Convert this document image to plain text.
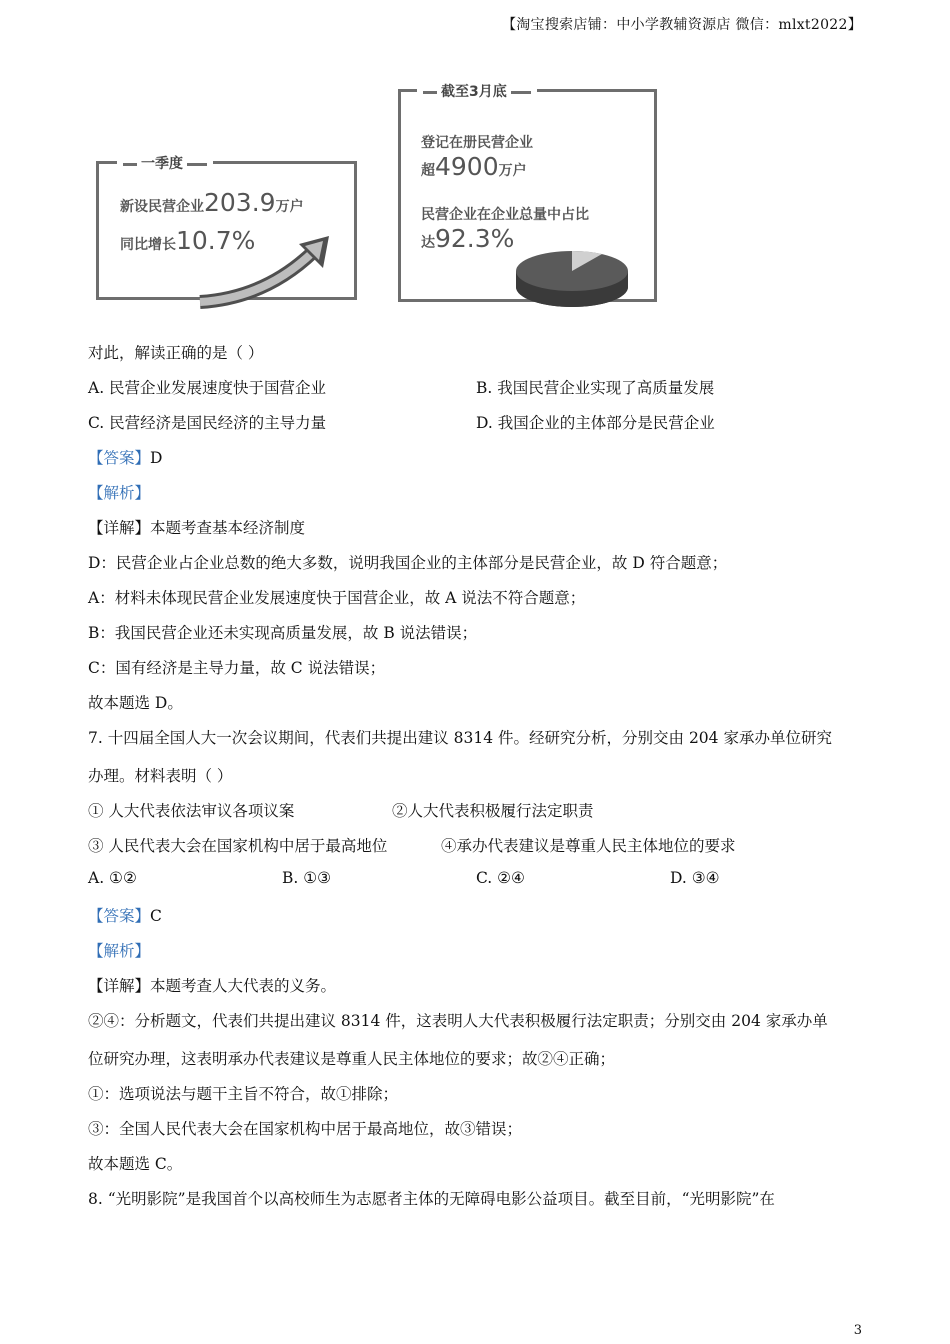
【淘宝搜索店铺：中小学教辅资源店 微信：mlxt2022】
一季度
新设民营企业203.9万户
同比增长10.7%
截至3月底
登记在册民营企业
超4900万户
民营企业在企业总量中占比
达92.3%
对此，解读正确的是（ ）
A. 民营企业发展速度快于国营企业	B. 我国民营企业实现了高质量发展
C. 民营经济是国民经济的主导力量	D. 我国企业的主体部分是民营企业
【答案】D
【解析】
【详解】本题考查基本经济制度
D：民营企业占企业总数的绝大多数，说明我国企业的主体部分是民营企业，故 D 符合题意；
A：材料未体现民营企业发展速度快于国营企业，故 A 说法不符合题意；
B：我国民营企业还未实现高质量发展，故 B 说法错误；
C：国有经济是主导力量，故 C 说法错误；
故本题选 D。
7. 十四届全国人大一次会议期间，代表们共提出建议 8314 件。经研究分析，分别交由 204 家承办单位研究
办理。材料表明（ ）
① 人大代表依法审议各项议案	②人大代表积极履行法定职责
③ 人民代表大会在国家机构中居于最高地位	④承办代表建议是尊重人民主体地位的要求
A. ①②	B. ①③	C. ②④	D. ③④
【答案】C
【解析】
【详解】本题考查人大代表的义务。
②④：分析题文，代表们共提出建议 8314 件，这表明人大代表积极履行法定职责；分别交由 204 家承办单
位研究办理，这表明承办代表建议是尊重人民主体地位的要求；故②④正确；
①：选项说法与题干主旨不符合，故①排除；
③：全国人民代表大会在国家机构中居于最高地位，故③错误；
故本题选 C。
8. “光明影院”是我国首个以高校师生为志愿者主体的无障碍电影公益项目。截至目前，“光明影院”在
3
